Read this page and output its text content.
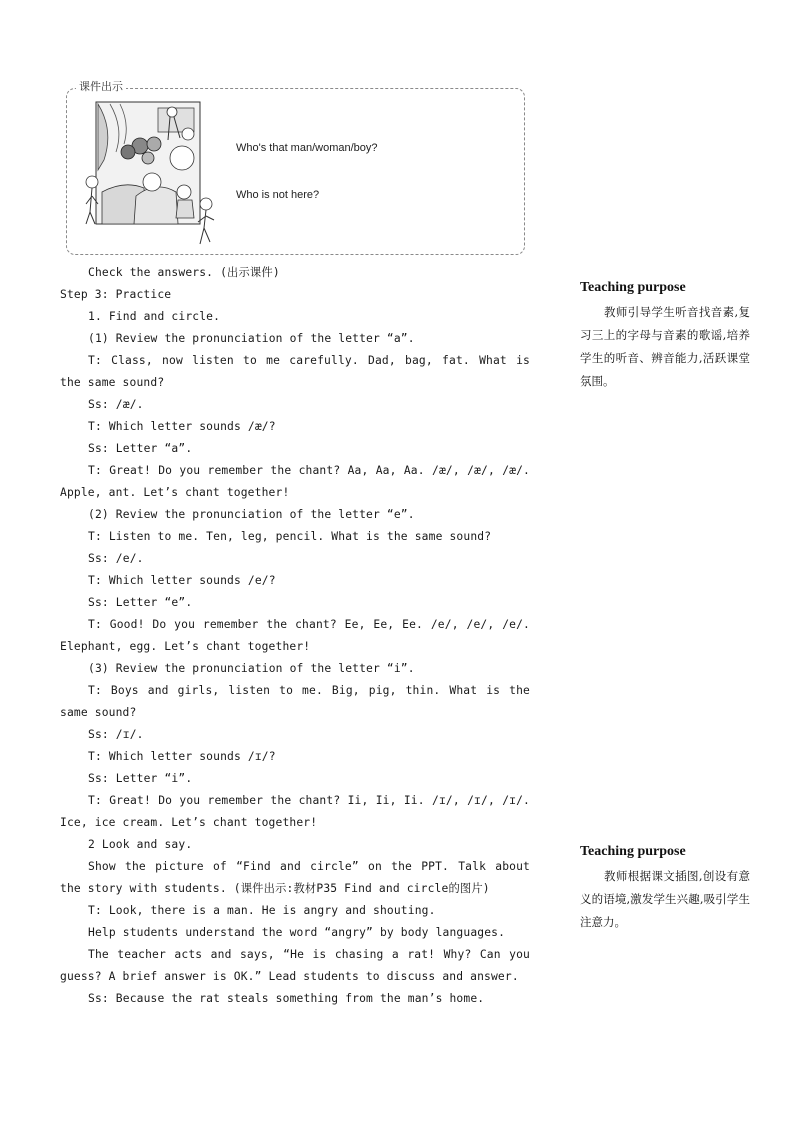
课件出示
Who's that man/woman/boy?
Who is not here?

Check the answers. (出示课件)

Step 3: Practice

1. Find and circle.

(1) Review the pronunciation of the letter “a”.

T: Class, now listen to me carefully. Dad, bag, fat. What is the same sound?

Ss: /æ/.

T: Which letter sounds /æ/?

Ss: Letter “a”.

T: Great! Do you remember the chant? Aa, Aa, Aa. /æ/, /æ/, /æ/. Apple, ant. Let’s chant together!

(2) Review the pronunciation of the letter “e”.

T: Listen to me. Ten, leg, pencil. What is the same sound?

Ss: /e/.

T: Which letter sounds /e/?

Ss: Letter “e”.

T: Good! Do you remember the chant? Ee, Ee, Ee. /e/, /e/, /e/. Elephant, egg. Let’s chant together!

(3) Review the pronunciation of the letter “i”.

T: Boys and girls, listen to me. Big, pig, thin. What is the same sound?

Ss: /ɪ/.

T: Which letter sounds /ɪ/?

Ss: Letter “i”.

T: Great! Do you remember the chant? Ii, Ii, Ii. /ɪ/, /ɪ/, /ɪ/. Ice, ice cream. Let’s chant together!

2 Look and say.

Show the picture of “Find and circle” on the PPT. Talk about the story with students. (课件出示:教材P35 Find and circle的图片)

T: Look, there is a man. He is angry and shouting.

Help students understand the word “angry” by body languages.

The teacher acts and says, “He is chasing a rat! Why? Can you guess? A brief answer is OK.” Lead students to discuss and answer.

Ss: Because the rat steals something from the man’s home.

Teaching purpose
教师引导学生听音找音素,复习三上的字母与音素的歌谣,培养学生的听音、辨音能力,活跃课堂氛围。
Teaching purpose
教师根据课文插图,创设有意义的语境,激发学生兴趣,吸引学生注意力。
